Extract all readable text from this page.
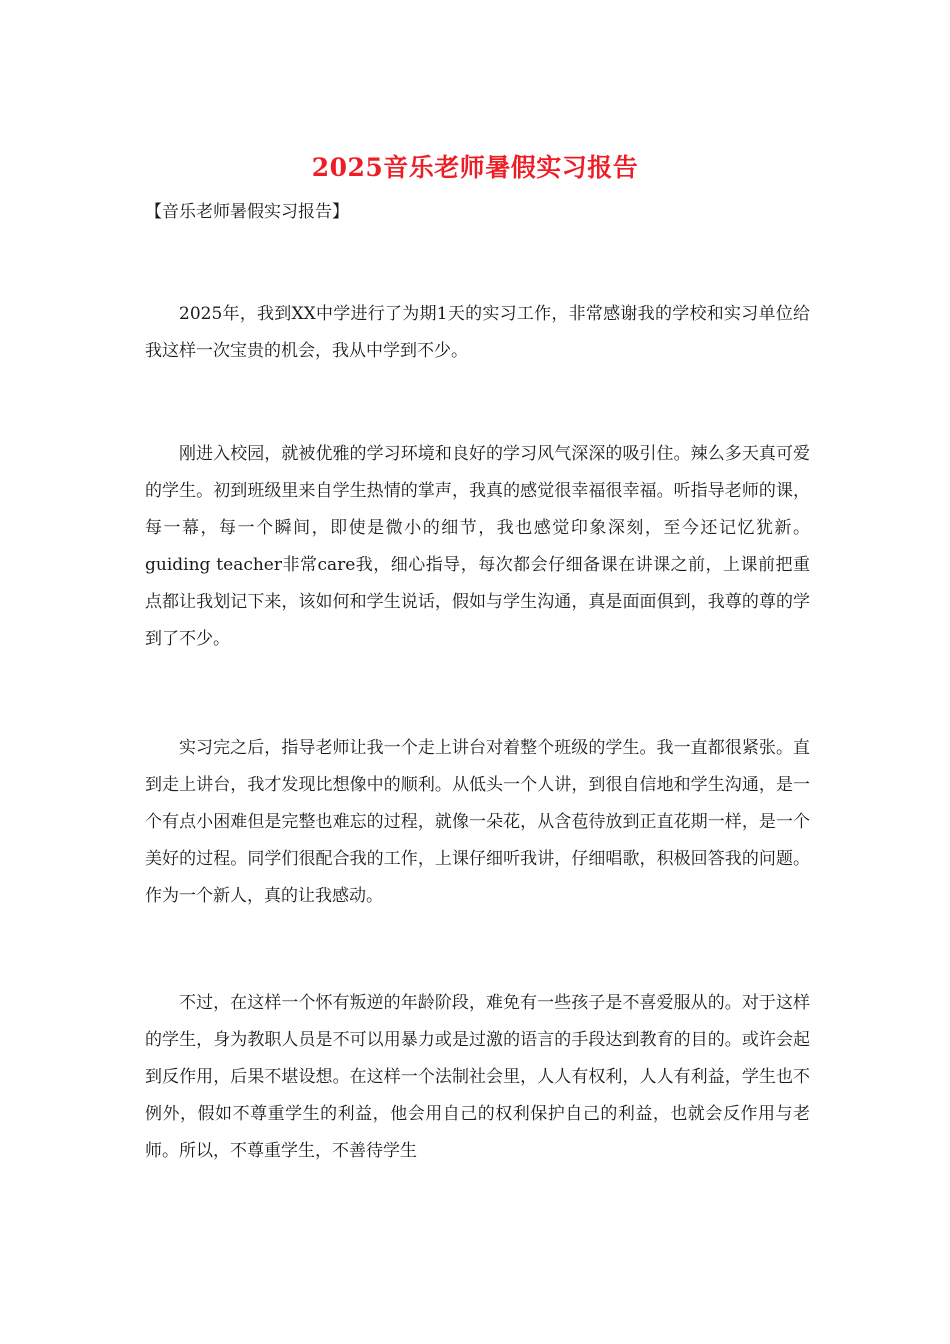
2025音乐老师暑假实习报告
【音乐老师暑假实习报告】

2025年，我到XX中学进行了为期1天的实习工作，非常感谢我的学校和实习单位给我这样一次宝贵的机会，我从中学到不少。

刚进入校园，就被优雅的学习环境和良好的学习风气深深的吸引住。辣么多天真可爱的学生。初到班级里来自学生热情的掌声，我真的感觉很幸福很幸福。听指导老师的课，每一幕，每一个瞬间，即使是微小的细节，我也感觉印象深刻，至今还记忆犹新。guiding teacher非常care我，细心指导，每次都会仔细备课在讲课之前，上课前把重点都让我划记下来，该如何和学生说话，假如与学生沟通，真是面面俱到，我尊的尊的学到了不少。

实习完之后，指导老师让我一个走上讲台对着整个班级的学生。我一直都很紧张。直到走上讲台，我才发现比想像中的顺利。从低头一个人讲，到很自信地和学生沟通，是一个有点小困难但是完整也难忘的过程，就像一朵花，从含苞待放到正直花期一样，是一个美好的过程。同学们很配合我的工作，上课仔细听我讲，仔细唱歌，积极回答我的问题。作为一个新人，真的让我感动。

不过，在这样一个怀有叛逆的年龄阶段，难免有一些孩子是不喜爱服从的。对于这样的学生，身为教职人员是不可以用暴力或是过激的语言的手段达到教育的目的。或许会起到反作用，后果不堪设想。在这样一个法制社会里，人人有权利，人人有利益，学生也不例外，假如不尊重学生的利益，他会用自己的权利保护自己的利益，也就会反作用与老师。所以，不尊重学生，不善待学生
